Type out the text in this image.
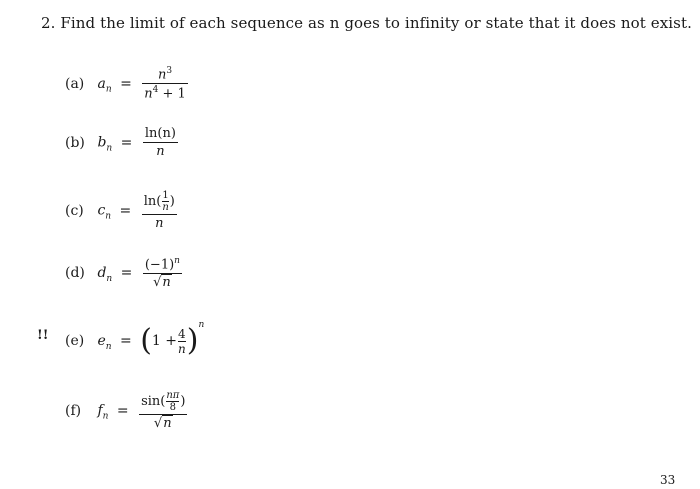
2. Find the limit of each sequence as n goes to infinity or state that it does not exist.
(a) $a_n = \frac{n^3}{n^4 + 1}$
(b) $b_n = \frac{\ln(n)}{n}$
(c) $c_n = \frac{\ln( \frac{1}{n} )}{n}$
(d) $d_n = \frac{(-1)^n}{√n}$
!! (e) $e_n = (1 + \frac{4}{n} )^n$
(f) $f_n = \frac{\sin( \frac{n\pi}{8} )}{√n}$
33
